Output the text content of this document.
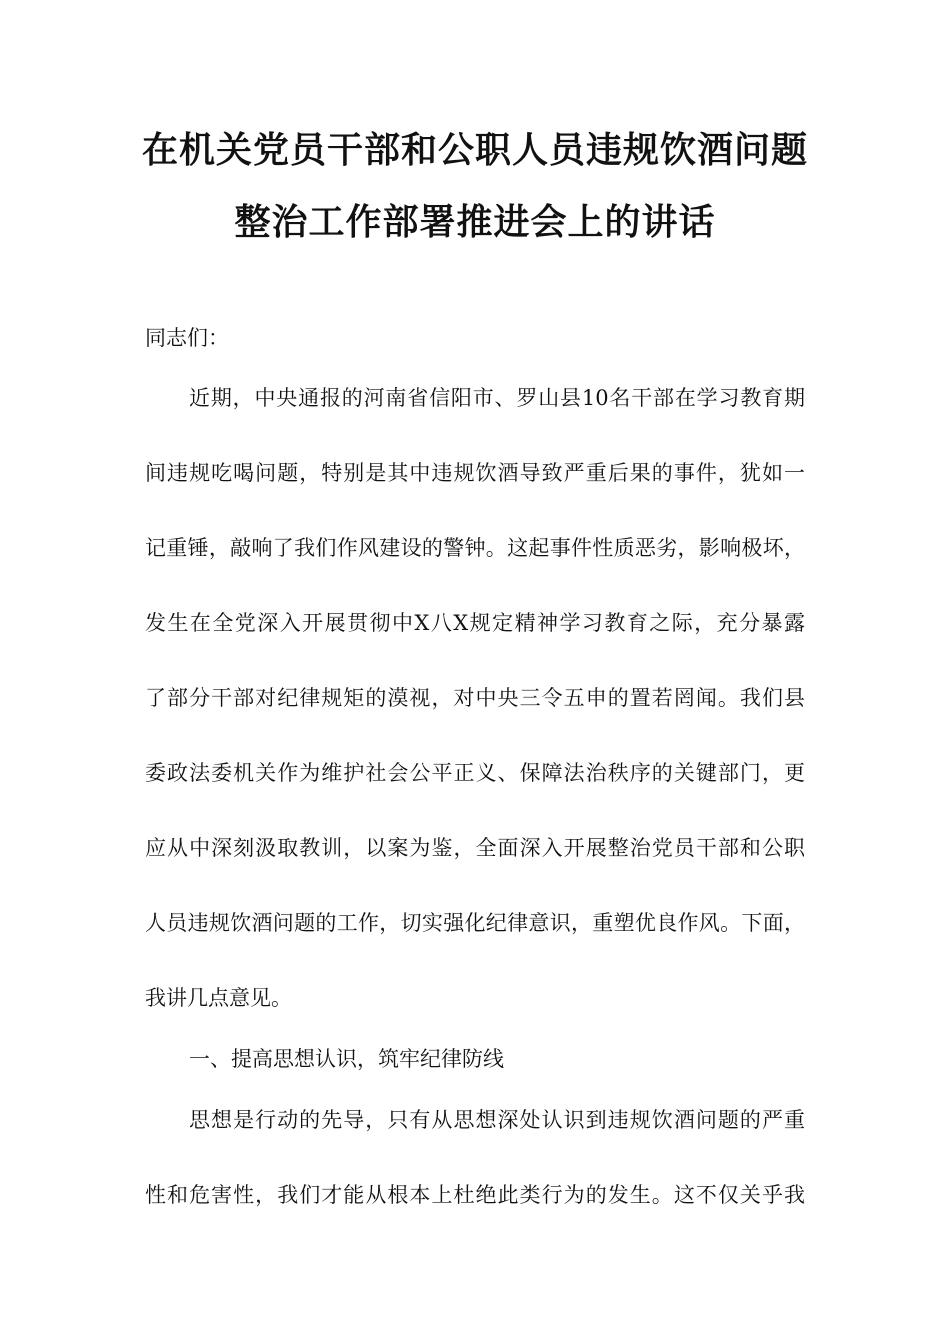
在机关党员干部和公职人员违规饮酒问题
整治工作部署推进会上的讲话
同志们：
近期，中央通报的河南省信阳市、罗山县10名干部在学习教育期
间违规吃喝问题，特别是其中违规饮酒导致严重后果的事件，犹如一
记重锤，敲响了我们作风建设的警钟。这起事件性质恶劣，影响极坏，
发生在全党深入开展贯彻中X八X规定精神学习教育之际，充分暴露
了部分干部对纪律规矩的漠视，对中央三令五申的置若罔闻。我们县
委政法委机关作为维护社会公平正义、保障法治秩序的关键部门，更
应从中深刻汲取教训，以案为鉴，全面深入开展整治党员干部和公职
人员违规饮酒问题的工作，切实强化纪律意识，重塑优良作风。下面，
我讲几点意见。
一、提高思想认识，筑牢纪律防线
思想是行动的先导，只有从思想深处认识到违规饮酒问题的严重
性和危害性，我们才能从根本上杜绝此类行为的发生。这不仅关乎我
